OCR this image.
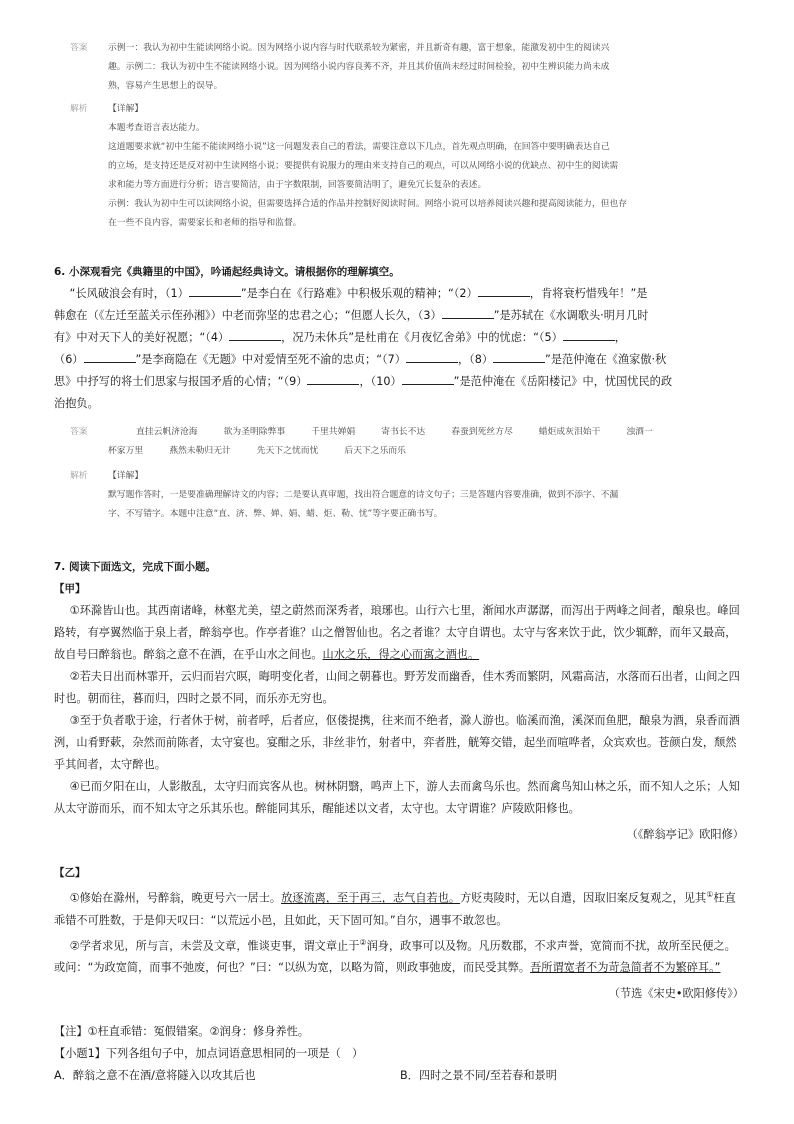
答案	示例一：我认为初中生能读网络小说。因为网络小说内容与时代联系较为紧密，并且新奇有趣，富于想象，能激发初中生的阅读兴

趣。示例二：我认为初中生不能读网络小说。因为网络小说内容良莠不齐，并且其价值尚未经过时间检验，初中生辨识能力尚未成

熟，容易产生思想上的误导。

解析	【详解】

本题考查语言表达能力。

这道题要求就“初中生能不能读网络小说”这一问题发表自己的看法，需要注意以下几点，首先观点明确，在回答中要明确表达自己

的立场，是支持还是反对初中生读网络小说；要提供有说服力的理由来支持自己的观点，可以从网络小说的优缺点、初中生的阅读需

求和能力等方面进行分析；语言要简洁，由于字数限制，回答要简洁明了，避免冗长复杂的表述。

示例：我认为初中生可以读网络小说，但需要选择合适的作品并控制好阅读时间。网络小说可以培养阅读兴趣和提高阅读能力，但也存

在一些不良内容，需要家长和老师的指导和监督。

6. 小深观看完《典籍里的中国》，吟诵起经典诗文。请根据你的理解填空。

“长风破浪会有时，（1）	”是李白在《行路难》中积极乐观的精神；“（2）	，肯将衰朽惜残年！”是

韩愈在（《左迁至蓝关示侄孙湘》）中老而弥坚的忠君之心；“但愿人长久，（3）	”是苏轼在《水调歌头·明月几时

有》中对天下人的美好祝愿；“（4）	，况乃未休兵”是杜甫在《月夜忆舍弟》中的忧虑：“（5）	，

（6）	”是李商隐在《无题》中对爱情至死不渝的忠贞；“（7）	，（8）	”是范仲淹在《渔家傲·秋

思》中抒写的将士们思家与报国矛盾的心情；“（9）	，（10）	”是范仲淹在《岳阳楼记》中，忧国忧民的政

治抱负。

答案	直挂云帆济沧海	欲为圣明除弊事	千里共婵娟	寄书长不达	春蚕到死丝方尽	蜡炬成灰泪始干	浊酒一
杯家万里	燕然未勒归无计	先天下之忧而忧	后天下之乐而乐
解析	【详解】

默写题作答时，一是要准确理解诗文的内容；二是要认真审题，找出符合题意的诗文句子；三是答题内容要准确，做到不添字、不漏

字、不写错字。本题中注意“直、济、弊、婵、娟、蜡、炬、勒、忧”等字要正确书写。

7. 阅读下面选文，完成下面小题。

【甲】

①环滁皆山也。其西南诸峰，林壑尤美，望之蔚然而深秀者，琅琊也。山行六七里，渐闻水声潺潺，而泻出于两峰之间者，酿泉也。峰回路转，有亭翼然临于泉上者，醉翁亭也。作亭者谁？山之僧智仙也。名之者谁？太守自谓也。太守与客来饮于此，饮少辄醉，而年又最高，故自号曰醉翁也。醉翁之意不在酒，在乎山水之间也。山水之乐，得之心而寓之酒也。

②若夫日出而林霏开，云归而岩穴暝，晦明变化者，山间之朝暮也。野芳发而幽香，佳木秀而繁阴，风霜高洁，水落而石出者，山间之四时也。朝而往，暮而归，四时之景不同，而乐亦无穷也。

③至于负者歌于途，行者休于树，前者呼，后者应，伛偻提携，往来而不绝者，滁人游也。临溪而渔，溪深而鱼肥，酿泉为酒，泉香而酒洌，山肴野蔌，杂然而前陈者，太守宴也。宴酣之乐，非丝非竹，射者中，弈者胜，觥筹交错，起坐而喧哗者，众宾欢也。苍颜白发，颓然乎其间者，太守醉也。

④已而夕阳在山，人影散乱，太守归而宾客从也。树林阴翳，鸣声上下，游人去而禽鸟乐也。然而禽鸟知山林之乐，而不知人之乐；人知从太守游而乐，而不知太守之乐其乐也。醉能同其乐，醒能述以文者，太守也。太守谓谁？庐陵欧阳修也。

（《醉翁亭记》欧阳修）

【乙】

①修始在滁州，号醉翁，晚更号六一居士。放逐流离，至于再三，志气自若也。方贬夷陵时，无以自遣，因取旧案反复观之，见其①枉直乖错不可胜数，于是仰天叹曰：“以荒远小邑，且如此，天下固可知。”自尔，遇事不敢忽也。

②学者求见，所与言，未尝及文章，惟谈吏事，谓文章止于②润身，政事可以及物。凡历数郡，不求声誉，宽简而不扰，故所至民便之。或问：“为政宽简，而事不弛废，何也？”曰：“以纵为宽，以略为简，则政事弛废，而民受其弊。吾所谓宽者不为苛急简者不为繁碎耳。”

（节选《宋史•欧阳修传》）

【注】①枉直乖错：冤假错案。②润身：修身养性。

【小题1】下列各组句子中，加点词语意思相同的一项是（　）

A．醉翁之意不在酒/意将隧入以攻其后也	B．四时之景不同/至若春和景明
